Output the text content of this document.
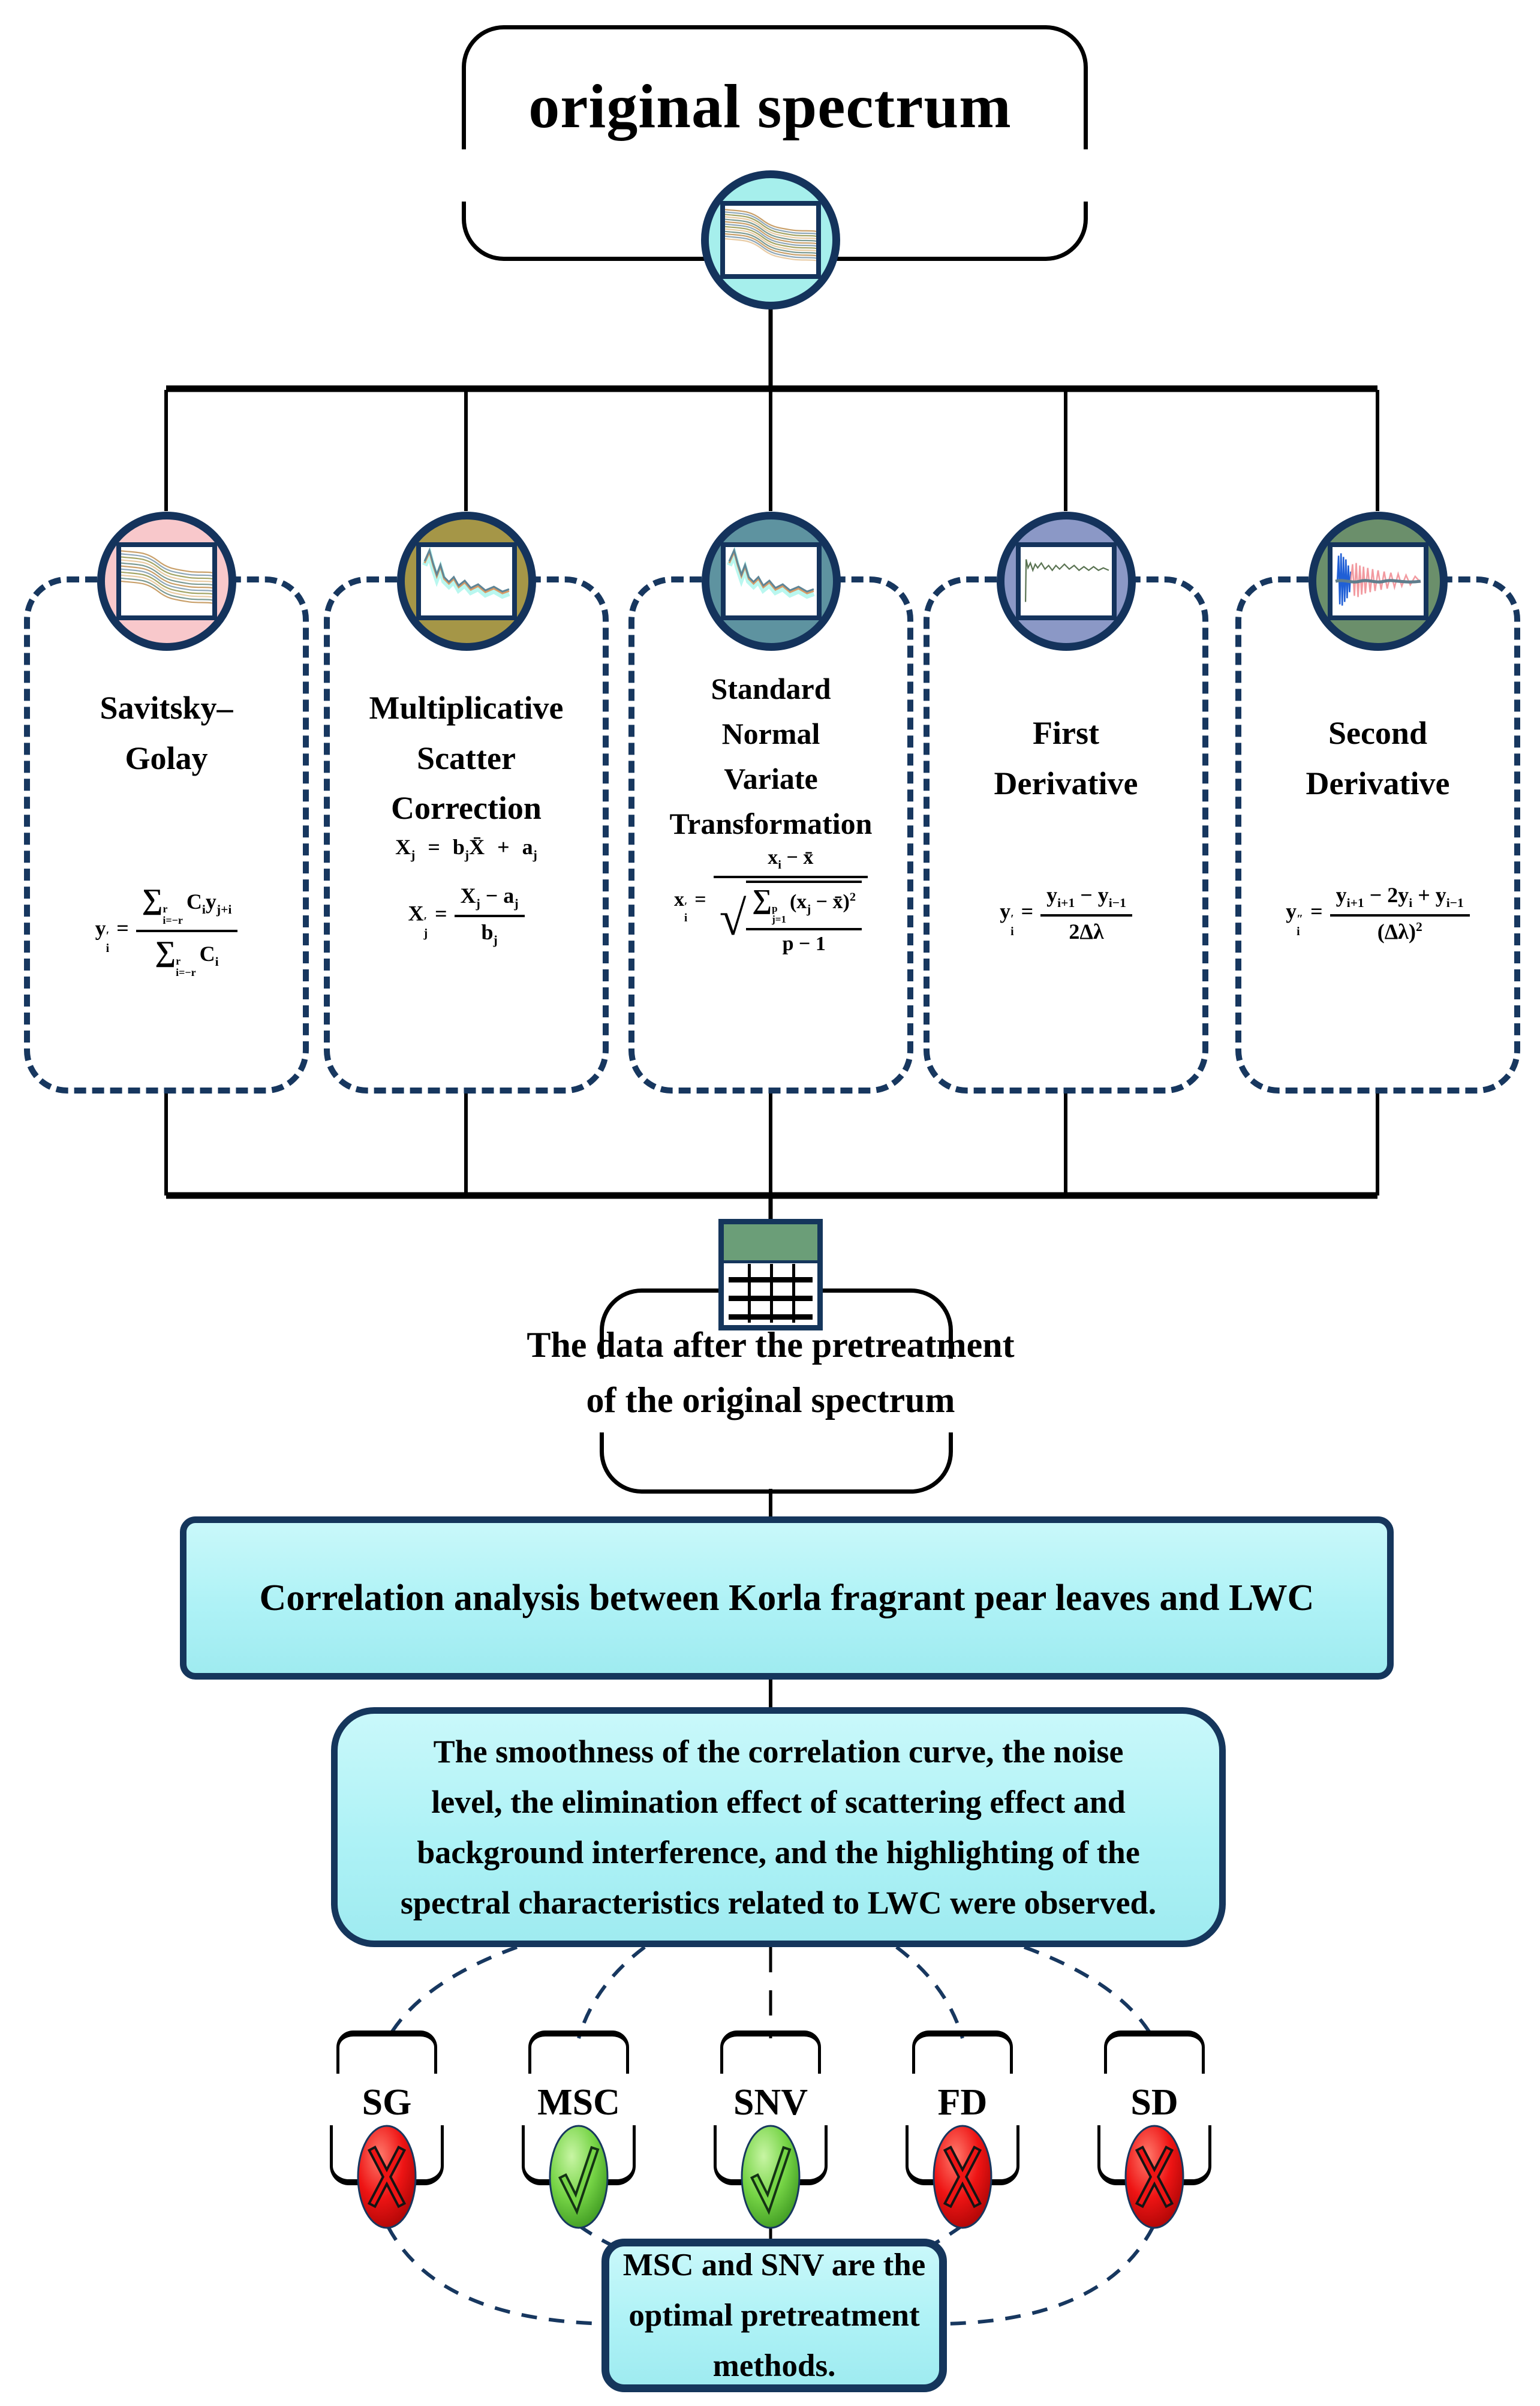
original spectrum
Savitsky–
Golay
y ′
i
= ∑ r
i=−r
$C_iy_{j+i}$
∑ r
i=−r
$C_i$
Multiplicative
Scatter
Correction
$X_j$ = $b_jX̄ + a_j$
X ′
j
= $\frac{X_j - a_j}{b_j}$
Standard
Normal
Variate
Transformation
x ′
i
= $x_i$ − x̄
√ ∑ p
j=1
($x_j$ − x̄)$^2$
p − 1
First
Derivative
y ′
i
= $\frac{y_{i+1} - y_{i-1}}{2\Delta\lambda}$
Second
Derivative
y ″
i
= $\frac{y_{i+1} - 2y_i + y_{i-1}}{(\Delta\lambda)^2}$
The data after the pretreatment
of the original spectrum
Correlation analysis between Korla fragrant pear leaves and LWC
The smoothness of the correlation curve, the noise
level, the elimination effect of scattering effect and
background interference, and the highlighting of the
spectral characteristics related to LWC were observed.
SG	MSC	SNV	FD	SD
MSC and SNV are the
optimal pretreatment
methods.
